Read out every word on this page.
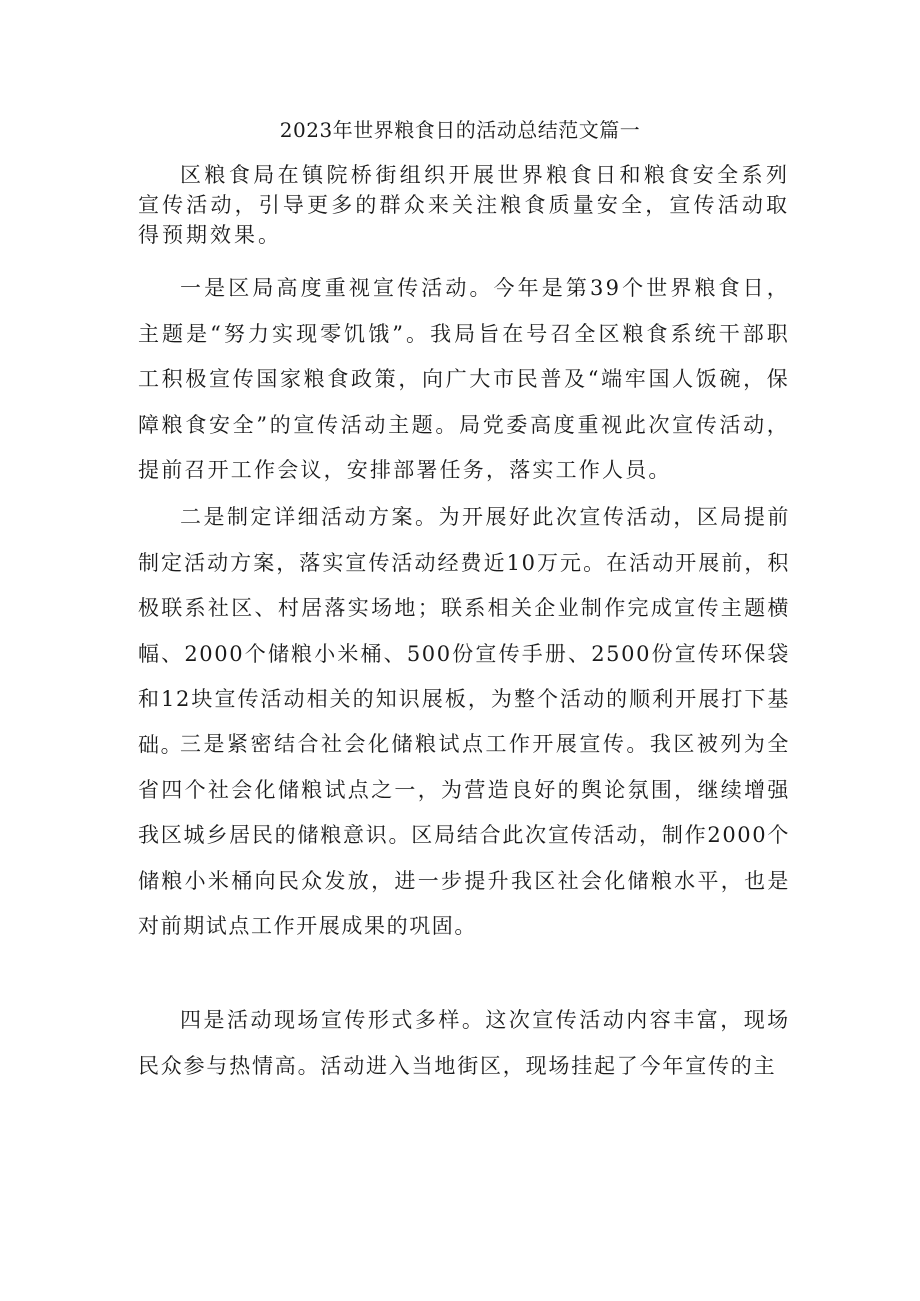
2023年世界粮食日的活动总结范文篇一

区粮食局在镇院桥街组织开展世界粮食日和粮食安全系列宣传活动，引导更多的群众来关注粮食质量安全，宣传活动取得预期效果。

一是区局高度重视宣传活动。今年是第39个世界粮食日，主题是“努力实现零饥饿”。我局旨在号召全区粮食系统干部职工积极宣传国家粮食政策，向广大市民普及“端牢国人饭碗，保障粮食安全”的宣传活动主题。局党委高度重视此次宣传活动，提前召开工作会议，安排部署任务，落实工作人员。

二是制定详细活动方案。为开展好此次宣传活动，区局提前制定活动方案，落实宣传活动经费近10万元。在活动开展前，积极联系社区、村居落实场地；联系相关企业制作完成宣传主题横幅、2000个储粮小米桶、500份宣传手册、2500份宣传环保袋和12块宣传活动相关的知识展板，为整个活动的顺利开展打下基础。

三是紧密结合社会化储粮试点工作开展宣传。我区被列为全省四个社会化储粮试点之一，为营造良好的舆论氛围，继续增强我区城乡居民的储粮意识。区局结合此次宣传活动，制作2000个储粮小米桶向民众发放，进一步提升我区社会化储粮水平，也是对前期试点工作开展成果的巩固。

四是活动现场宣传形式多样。这次宣传活动内容丰富，现场民众参与热情高。活动进入当地街区，现场挂起了今年宣传的主
